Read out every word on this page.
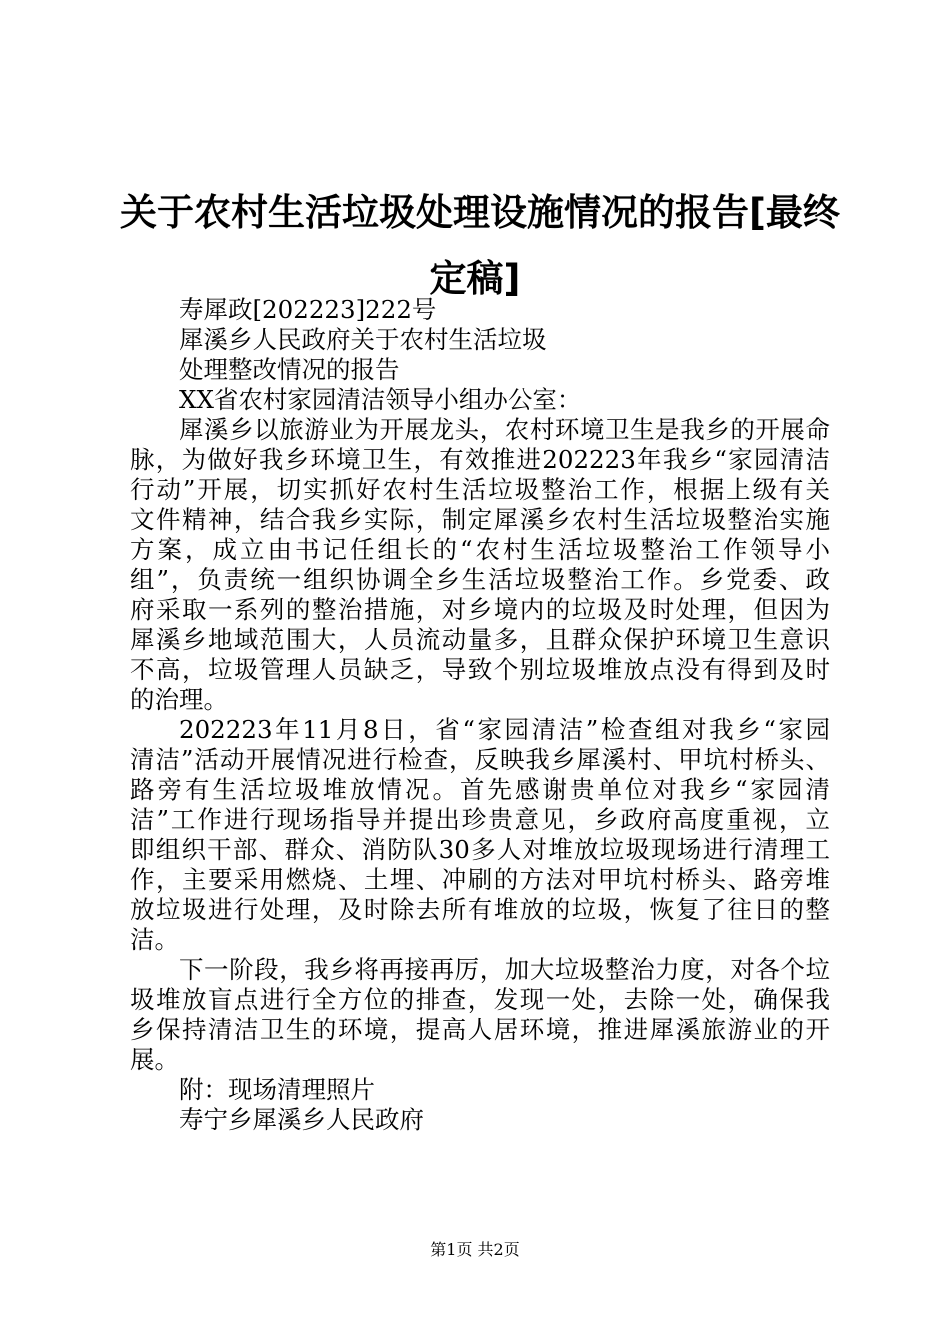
关于农村生活垃圾处理设施情况的报告[最终
定稿]
寿犀政[202223]222号
犀溪乡人民政府关于农村生活垃圾
处理整改情况的报告
XX省农村家园清洁领导小组办公室：
犀溪乡以旅游业为开展龙头，农村环境卫生是我乡的开展命
脉，为做好我乡环境卫生，有效推进202223年我乡“家园清洁
行动”开展，切实抓好农村生活垃圾整治工作，根据上级有关
文件精神，结合我乡实际，制定犀溪乡农村生活垃圾整治实施
方案，成立由书记任组长的“农村生活垃圾整治工作领导小
组”，负责统一组织协调全乡生活垃圾整治工作。乡党委、政
府采取一系列的整治措施，对乡境内的垃圾及时处理，但因为
犀溪乡地域范围大，人员流动量多，且群众保护环境卫生意识
不高，垃圾管理人员缺乏，导致个别垃圾堆放点没有得到及时
的治理。
202223年11月8日，省“家园清洁”检查组对我乡“家园
清洁”活动开展情况进行检查，反映我乡犀溪村、甲坑村桥头、
路旁有生活垃圾堆放情况。首先感谢贵单位对我乡“家园清
洁”工作进行现场指导并提出珍贵意见，乡政府高度重视，立
即组织干部、群众、消防队30多人对堆放垃圾现场进行清理工
作，主要采用燃烧、土埋、冲刷的方法对甲坑村桥头、路旁堆
放垃圾进行处理，及时除去所有堆放的垃圾，恢复了往日的整
洁。
下一阶段，我乡将再接再厉，加大垃圾整治力度，对各个垃
圾堆放盲点进行全方位的排查，发现一处，去除一处，确保我
乡保持清洁卫生的环境，提高人居环境，推进犀溪旅游业的开
展。
附：现场清理照片
寿宁乡犀溪乡人民政府
第1页 共2页
